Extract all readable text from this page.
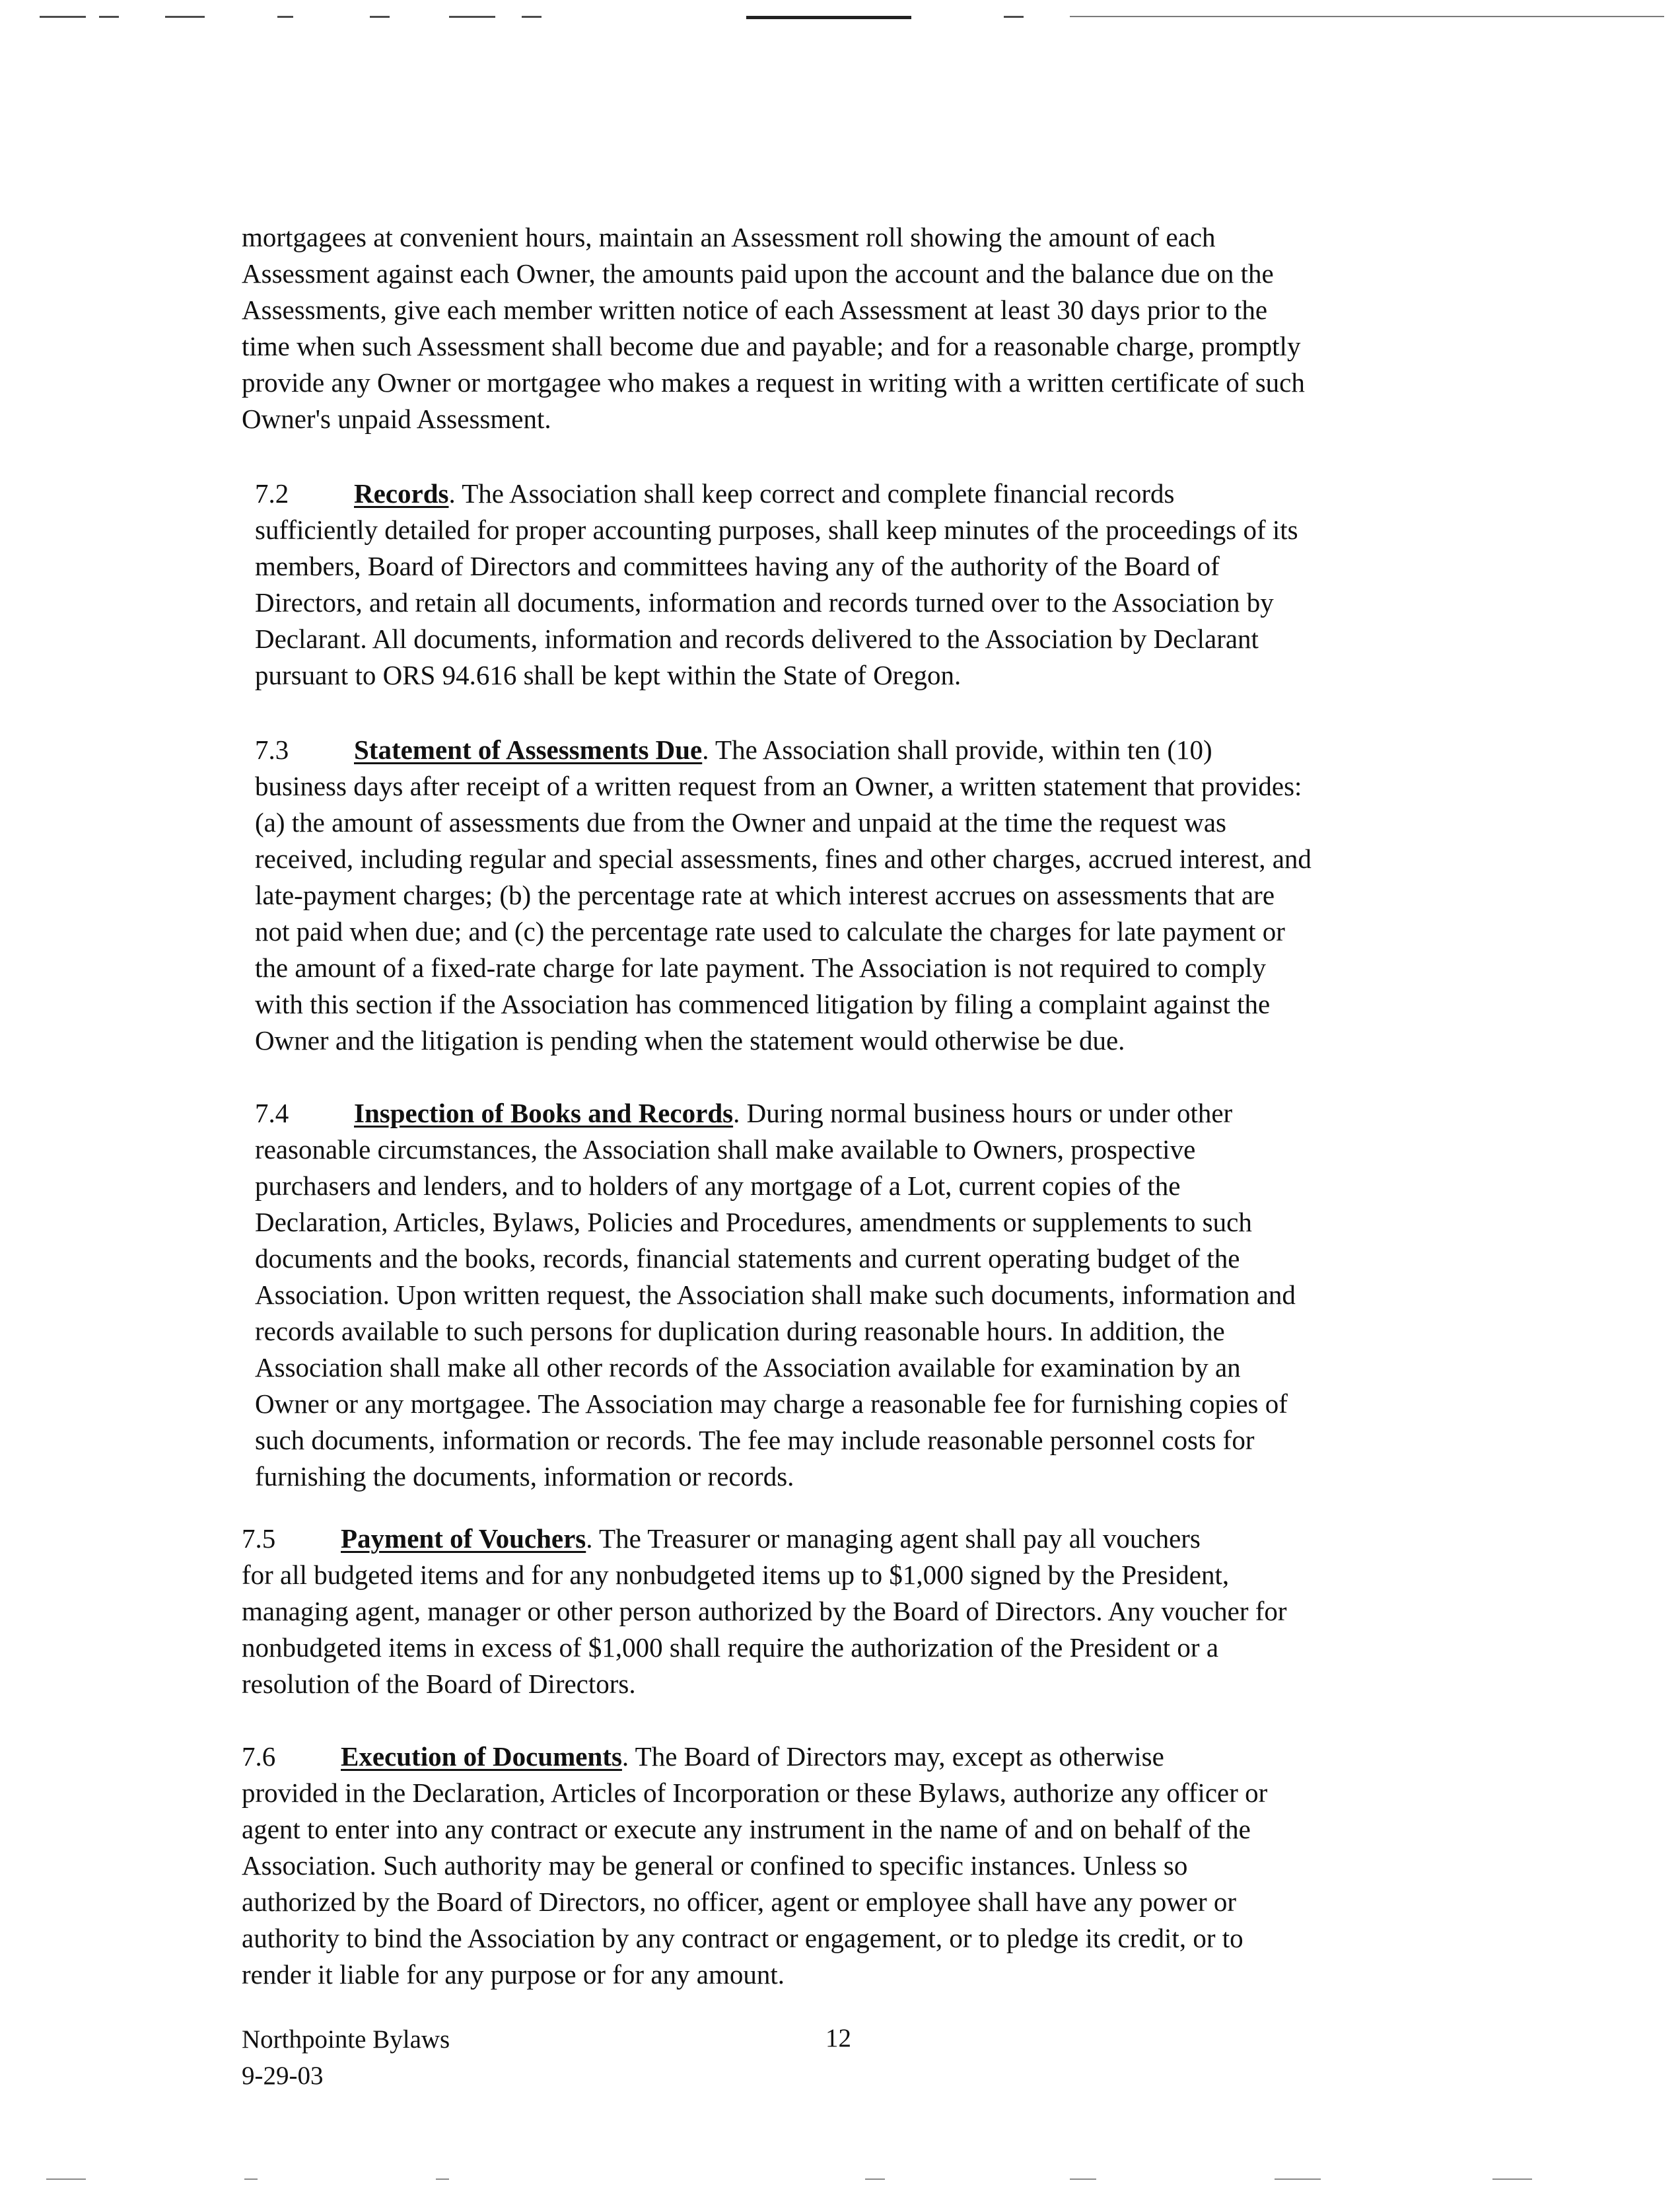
mortgagees at convenient hours, maintain an Assessment roll showing the amount of each
Assessment against each Owner, the amounts paid upon the account and the balance due on the
Assessments, give each member written notice of each Assessment at least 30 days prior to the
time when such Assessment shall become due and payable; and for a reasonable charge, promptly
provide any Owner or mortgagee who makes a request in writing with a written certificate of such
Owner's unpaid Assessment.

7.2 Records. The Association shall keep correct and complete financial records
sufficiently detailed for proper accounting purposes, shall keep minutes of the proceedings of its
members, Board of Directors and committees having any of the authority of the Board of
Directors, and retain all documents, information and records turned over to the Association by
Declarant. All documents, information and records delivered to the Association by Declarant
pursuant to ORS 94.616 shall be kept within the State of Oregon.

7.3 Statement of Assessments Due. The Association shall provide, within ten (10)
business days after receipt of a written request from an Owner, a written statement that provides:
(a) the amount of assessments due from the Owner and unpaid at the time the request was
received, including regular and special assessments, fines and other charges, accrued interest, and
late-payment charges; (b) the percentage rate at which interest accrues on assessments that are
not paid when due; and (c) the percentage rate used to calculate the charges for late payment or
the amount of a fixed-rate charge for late payment. The Association is not required to comply
with this section if the Association has commenced litigation by filing a complaint against the
Owner and the litigation is pending when the statement would otherwise be due.

7.4 Inspection of Books and Records. During normal business hours or under other
reasonable circumstances, the Association shall make available to Owners, prospective
purchasers and lenders, and to holders of any mortgage of a Lot, current copies of the
Declaration, Articles, Bylaws, Policies and Procedures, amendments or supplements to such
documents and the books, records, financial statements and current operating budget of the
Association. Upon written request, the Association shall make such documents, information and
records available to such persons for duplication during reasonable hours. In addition, the
Association shall make all other records of the Association available for examination by an
Owner or any mortgagee. The Association may charge a reasonable fee for furnishing copies of
such documents, information or records. The fee may include reasonable personnel costs for
furnishing the documents, information or records.

7.5 Payment of Vouchers. The Treasurer or managing agent shall pay all vouchers
for all budgeted items and for any nonbudgeted items up to $1,000 signed by the President,
managing agent, manager or other person authorized by the Board of Directors. Any voucher for
nonbudgeted items in excess of $1,000 shall require the authorization of the President or a
resolution of the Board of Directors.

7.6 Execution of Documents. The Board of Directors may, except as otherwise
provided in the Declaration, Articles of Incorporation or these Bylaws, authorize any officer or
agent to enter into any contract or execute any instrument in the name of and on behalf of the
Association. Such authority may be general or confined to specific instances. Unless so
authorized by the Board of Directors, no officer, agent or employee shall have any power or
authority to bind the Association by any contract or engagement, or to pledge its credit, or to
render it liable for any purpose or for any amount.

Northpointe Bylaws
9-29-03
12
